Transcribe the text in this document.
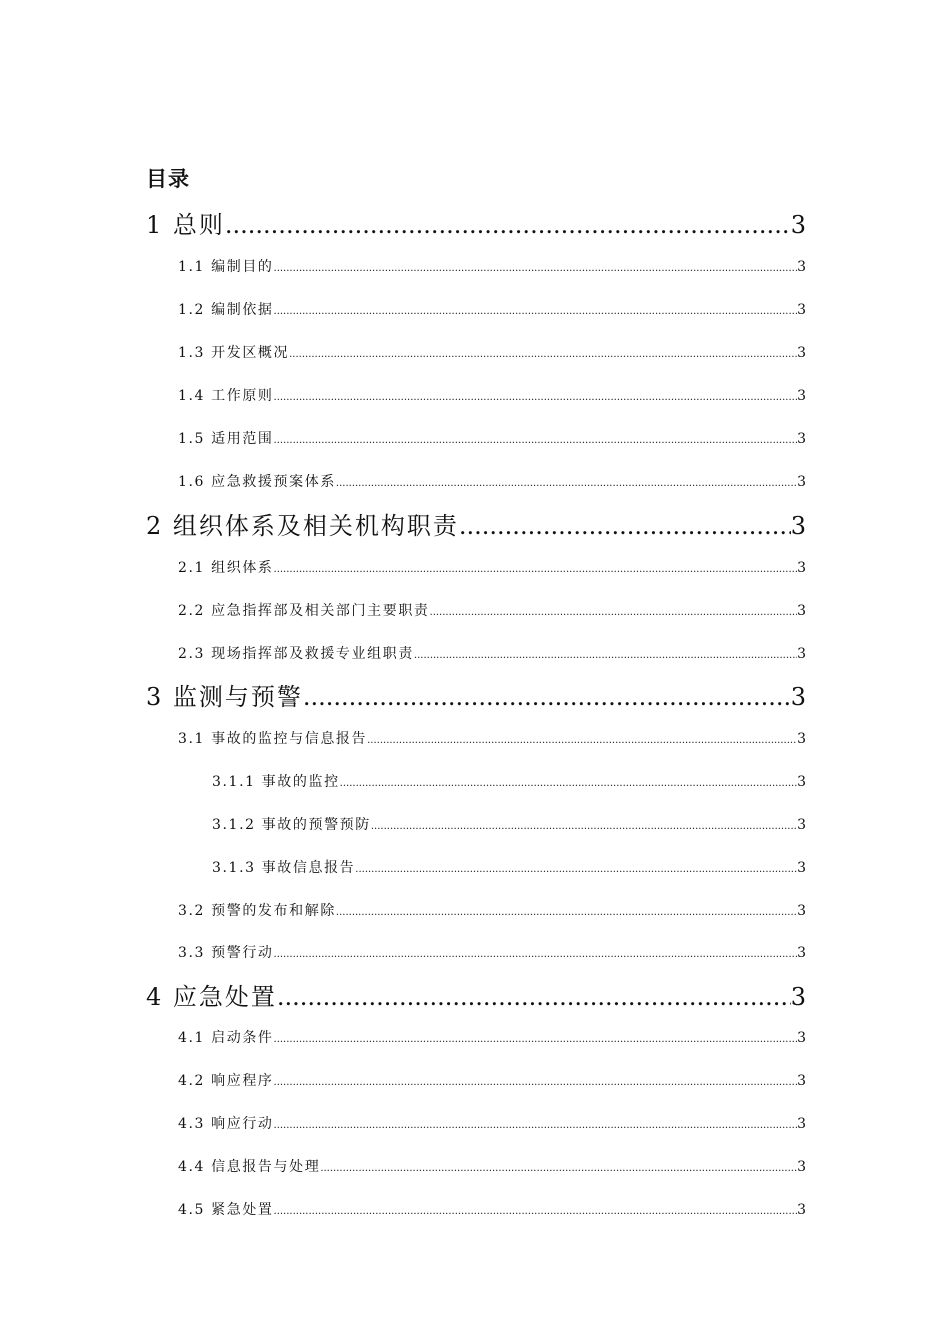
目录
1 总则 .....	3
1.1 编制目的 .....	3
1.2 编制依据 .....	3
1.3 开发区概况 .....	3
1.4 工作原则 .....	3
1.5 适用范围 .....	3
1.6 应急救援预案体系 .....	3
2 组织体系及相关机构职责 .....	3
2.1 组织体系 .....	3
2.2 应急指挥部及相关部门主要职责 .....	3
2.3 现场指挥部及救援专业组职责 .....	3
3 监测与预警 .....	3
3.1 事故的监控与信息报告 .....	3
3.1.1 事故的监控 .....	3
3.1.2 事故的预警预防 .....	3
3.1.3 事故信息报告 .....	3
3.2 预警的发布和解除 .....	3
3.3 预警行动 .....	3
4 应急处置 .....	3
4.1 启动条件 .....	3
4.2 响应程序 .....	3
4.3 响应行动 .....	3
4.4 信息报告与处理 .....	3
4.5 紧急处置 .....	3
